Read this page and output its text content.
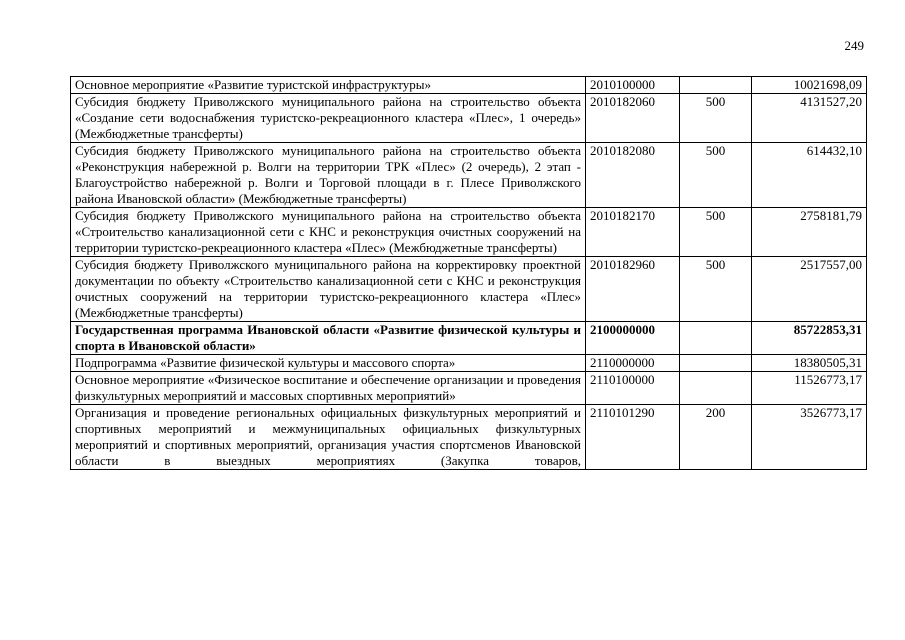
249
Основное мероприятие «Развитие туристской инфраструктуры»	2010100000		10021698,09
Субсидия бюджету Приволжского муниципального района на строительство объекта «Создание сети водоснабжения туристско-рекреационного кластера «Плес», 1 очередь» (Межбюджетные трансферты)	2010182060	500	4131527,20
Субсидия бюджету Приволжского муниципального района на строительство объекта «Реконструкция набережной р. Волги на территории ТРК «Плес» (2 очередь), 2 этап - Благоустройство набережной р. Волги и Торговой площади в г. Плесе Приволжского района Ивановской области» (Межбюджетные трансферты)	2010182080	500	614432,10
Субсидия бюджету Приволжского муниципального района на строительство объекта «Строительство канализационной сети с КНС и реконструкция очистных сооружений на территории туристско-рекреационного кластера «Плес» (Межбюджетные трансферты)	2010182170	500	2758181,79
Субсидия бюджету Приволжского муниципального района на корректировку проектной документации по объекту «Строительство канализационной сети с КНС и реконструкция очистных сооружений на территории туристско-рекреационного кластера «Плес» (Межбюджетные трансферты)	2010182960	500	2517557,00
Государственная программа Ивановской области «Развитие физической культуры и спорта в Ивановской области»	2100000000		85722853,31
Подпрограмма «Развитие физической культуры и массового спорта»	2110000000		18380505,31
Основное мероприятие «Физическое воспитание и обеспечение организации и проведения физкультурных мероприятий и массовых спортивных мероприятий»	2110100000		11526773,17
Организация и проведение региональных официальных физкультурных мероприятий и спортивных мероприятий и межмуниципальных официальных физкультурных мероприятий и спортивных мероприятий, организация участия спортсменов Ивановской области в выездных мероприятиях (Закупка товаров,	2110101290	200	3526773,17
